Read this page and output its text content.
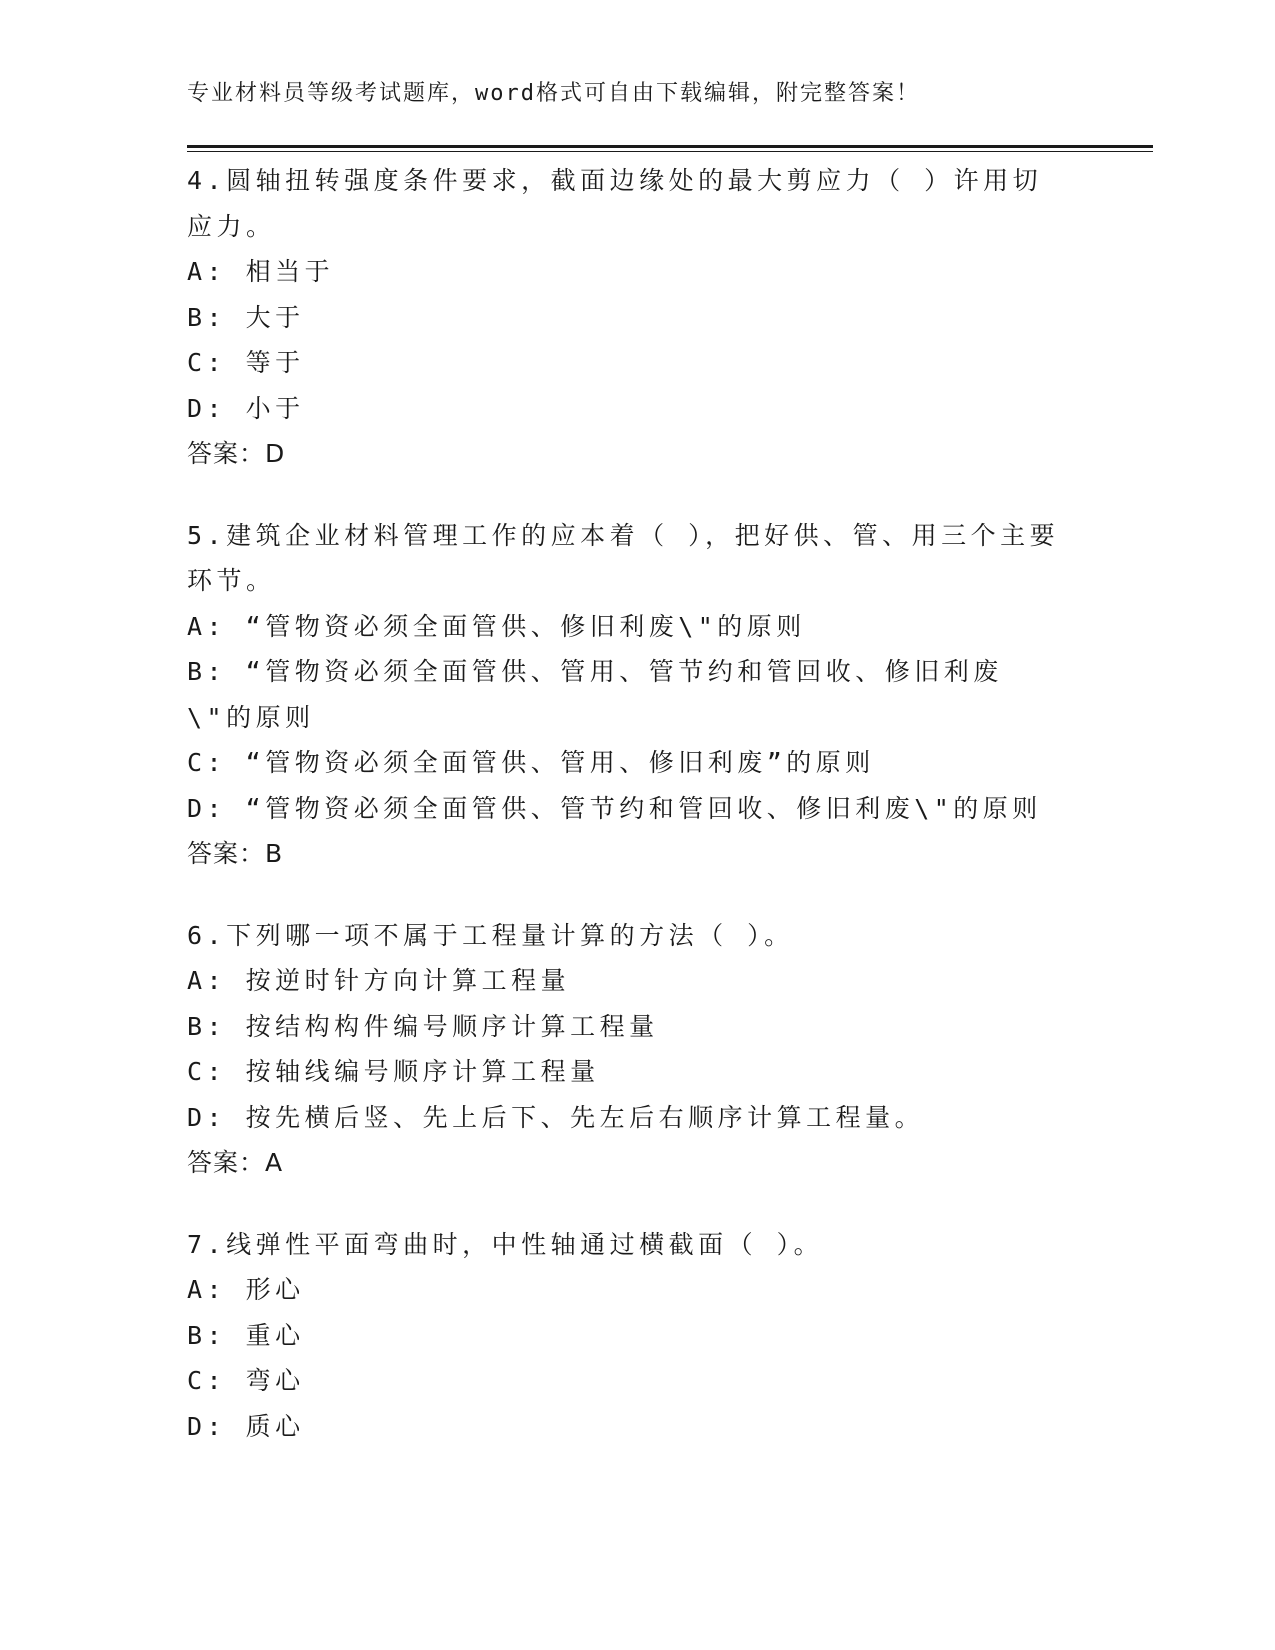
专业材料员等级考试题库，word格式可自由下载编辑，附完整答案！
4.圆轴扭转强度条件要求，截面边缘处的最大剪应力（ ）许用切应力。
A: 相当于
B: 大于
C: 等于
D: 小于
答案：D
5.建筑企业材料管理工作的应本着（ ），把好供、管、用三个主要环节。
A: “管物资必须全面管供、修旧利废\"的原则
B: “管物资必须全面管供、管用、管节约和管回收、修旧利废\"的原则
C: “管物资必须全面管供、管用、修旧利废”的原则
D: “管物资必须全面管供、管节约和管回收、修旧利废\"的原则
答案：B
6.下列哪一项不属于工程量计算的方法（ ）。
A: 按逆时针方向计算工程量
B: 按结构构件编号顺序计算工程量
C: 按轴线编号顺序计算工程量
D: 按先横后竖、先上后下、先左后右顺序计算工程量。
答案：A
7.线弹性平面弯曲时，中性轴通过横截面（ ）。
A: 形心
B: 重心
C: 弯心
D: 质心
